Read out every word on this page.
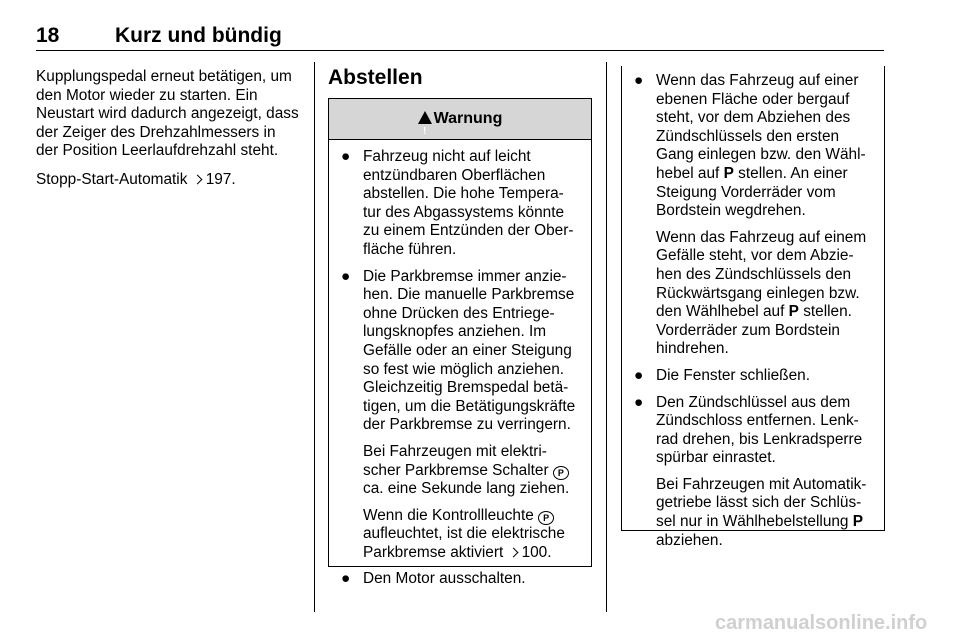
18	Kurz und bündig

Kupplungspedal erneut betätigen, um den Motor wieder zu starten. Ein Neustart wird dadurch angezeigt, dass der Zeiger des Drehzahlmessers in der Position Leerlaufdrehzahl steht.

Stopp-Start-Automatik 197.

Abstellen
!Warnung
● Fahrzeug nicht auf leicht entzündbaren Oberflächen abstellen. Die hohe Tempera-tur des Abgassystems könnte zu einem Entzünden der Ober-fläche führen.
● Die Parkbremse immer anzie-hen. Die manuelle Parkbremse ohne Drücken des Entriege-lungsknopfes anziehen. Im Gefälle oder an einer Steigung so fest wie möglich anziehen. Gleichzeitig Bremspedal betä-tigen, um die Betätigungskräfte der Parkbremse zu verringern.
Bei Fahrzeugen mit elektri-scher Parkbremse Schalter P ca. eine Sekunde lang ziehen.
Wenn die Kontrollleuchte P aufleuchtet, ist die elektrische Parkbremse aktiviert 100.
● Den Motor ausschalten.
● Wenn das Fahrzeug auf einer ebenen Fläche oder bergauf steht, vor dem Abziehen des Zündschlüssels den ersten Gang einlegen bzw. den Wähl-hebel auf P stellen. An einer Steigung Vorderräder vom Bordstein wegdrehen.
Wenn das Fahrzeug auf einem Gefälle steht, vor dem Abzie-hen des Zündschlüssels den Rückwärtsgang einlegen bzw. den Wählhebel auf P stellen. Vorderräder zum Bordstein hindrehen.
● Die Fenster schließen.
● Den Zündschlüssel aus dem Zündschloss entfernen. Lenk-rad drehen, bis Lenkradsperre spürbar einrastet.
Bei Fahrzeugen mit Automatik-getriebe lässt sich der Schlüs-sel nur in Wählhebelstellung P abziehen.
carmanualsonline.info
